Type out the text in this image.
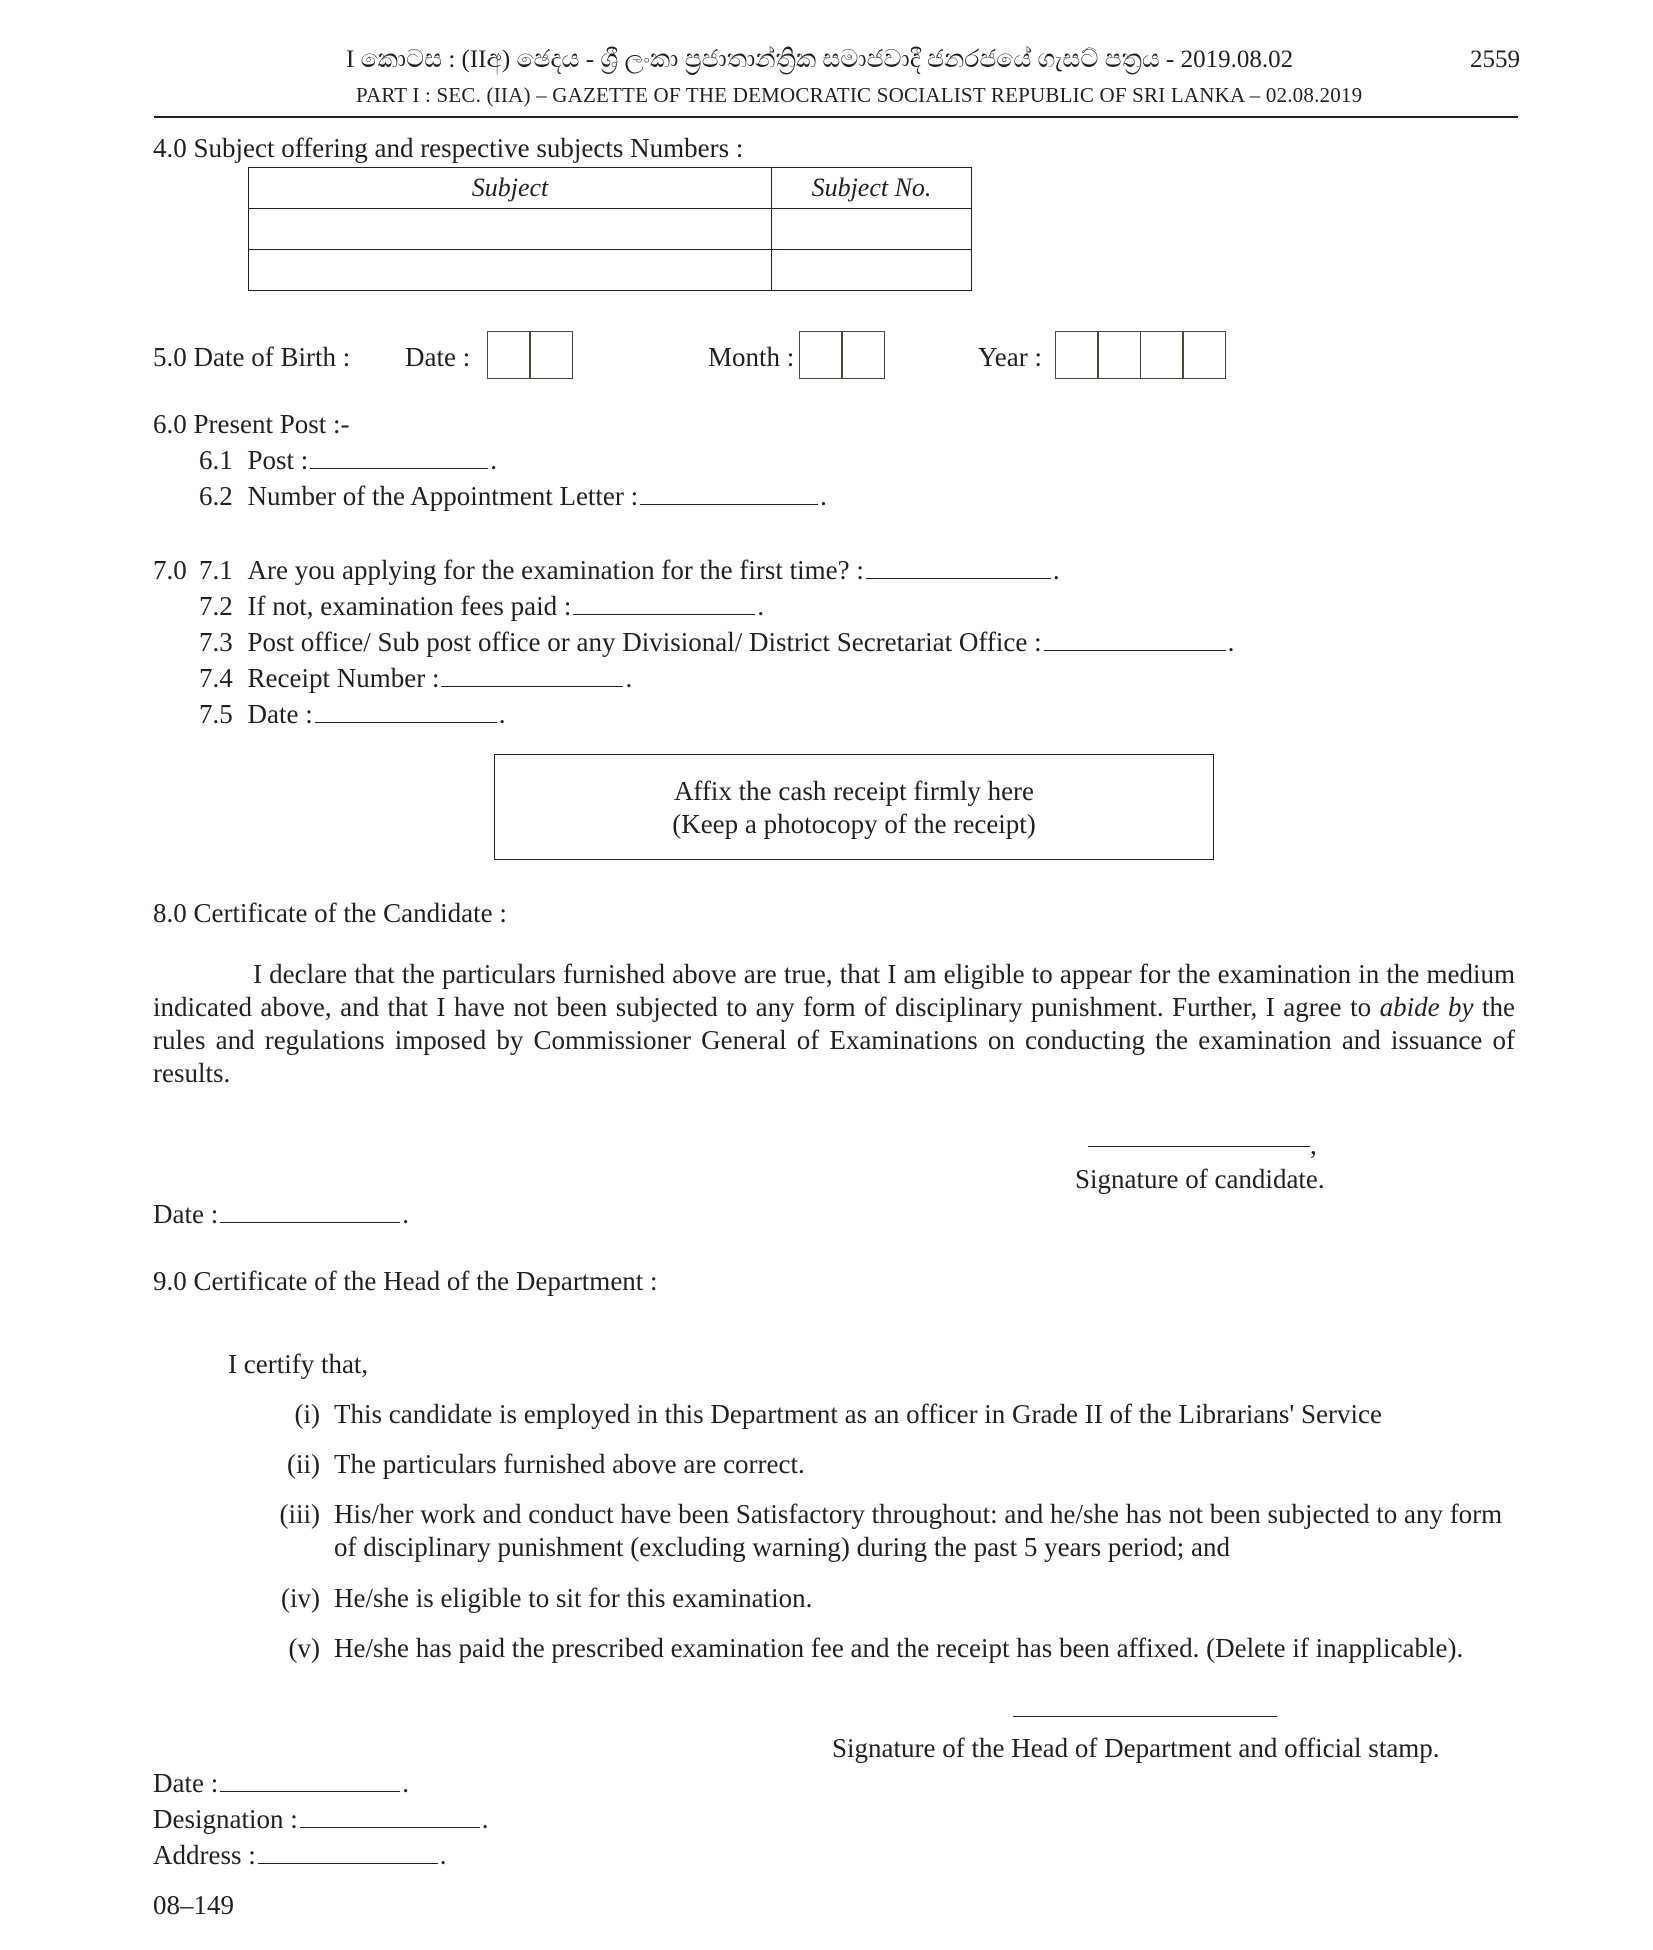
I කොටස : (IIඅ) ඡෙදය - ශ්‍රී ලංකා ප්‍රජාතාන්ත්‍රික සමාජවාදී ජනරජයේ ගැසට් පත්‍රය - 2019.08.02	2559
PART I : SEC. (IIA) – GAZETTE OF THE DEMOCRATIC SOCIALIST REPUBLIC OF SRI LANKA – 02.08.2019
4.0 Subject offering and respective subjects Numbers :
Subject	Subject No.

5.0 Date of Birth : Date :	Month :	Year :
6.0 Present Post :-
6.1 Post :	.
6.2 Number of the Appointment Letter :	.
7.0 7.1 Are you applying for the examination for the first time? :	.
7.2 If not, examination fees paid :	.
7.3 Post office/ Sub post office or any Divisional/ District Secretariat Office :	.
7.4 Receipt Number :	.
7.5 Date :	.
Affix the cash receipt firmly here
(Keep a photocopy of the receipt)
8.0 Certificate of the Candidate :
I declare that the particulars furnished above are true, that I am eligible to appear for the examination in the medium indicated above, and that I have not been subjected to any form of disciplinary punishment. Further, I agree to abide by the rules and regulations imposed by Commissioner General of Examinations on conducting the examination and issuance of results.
,
Signature of candidate.
Date :	.
9.0 Certificate of the Head of the Department :
I certify that,
(i) This candidate is employed in this Department as an officer in Grade II of the Librarians' Service
(ii) The particulars furnished above are correct.
(iii) His/her work and conduct have been Satisfactory throughout: and he/she has not been subjected to any form
of disciplinary punishment (excluding warning) during the past 5 years period; and
(iv) He/she is eligible to sit for this examination.
(v) He/she has paid the prescribed examination fee and the receipt has been affixed. (Delete if inapplicable).
Signature of the Head of Department and official stamp.
Date :	.
Designation :	.
Address :	.
08–149
